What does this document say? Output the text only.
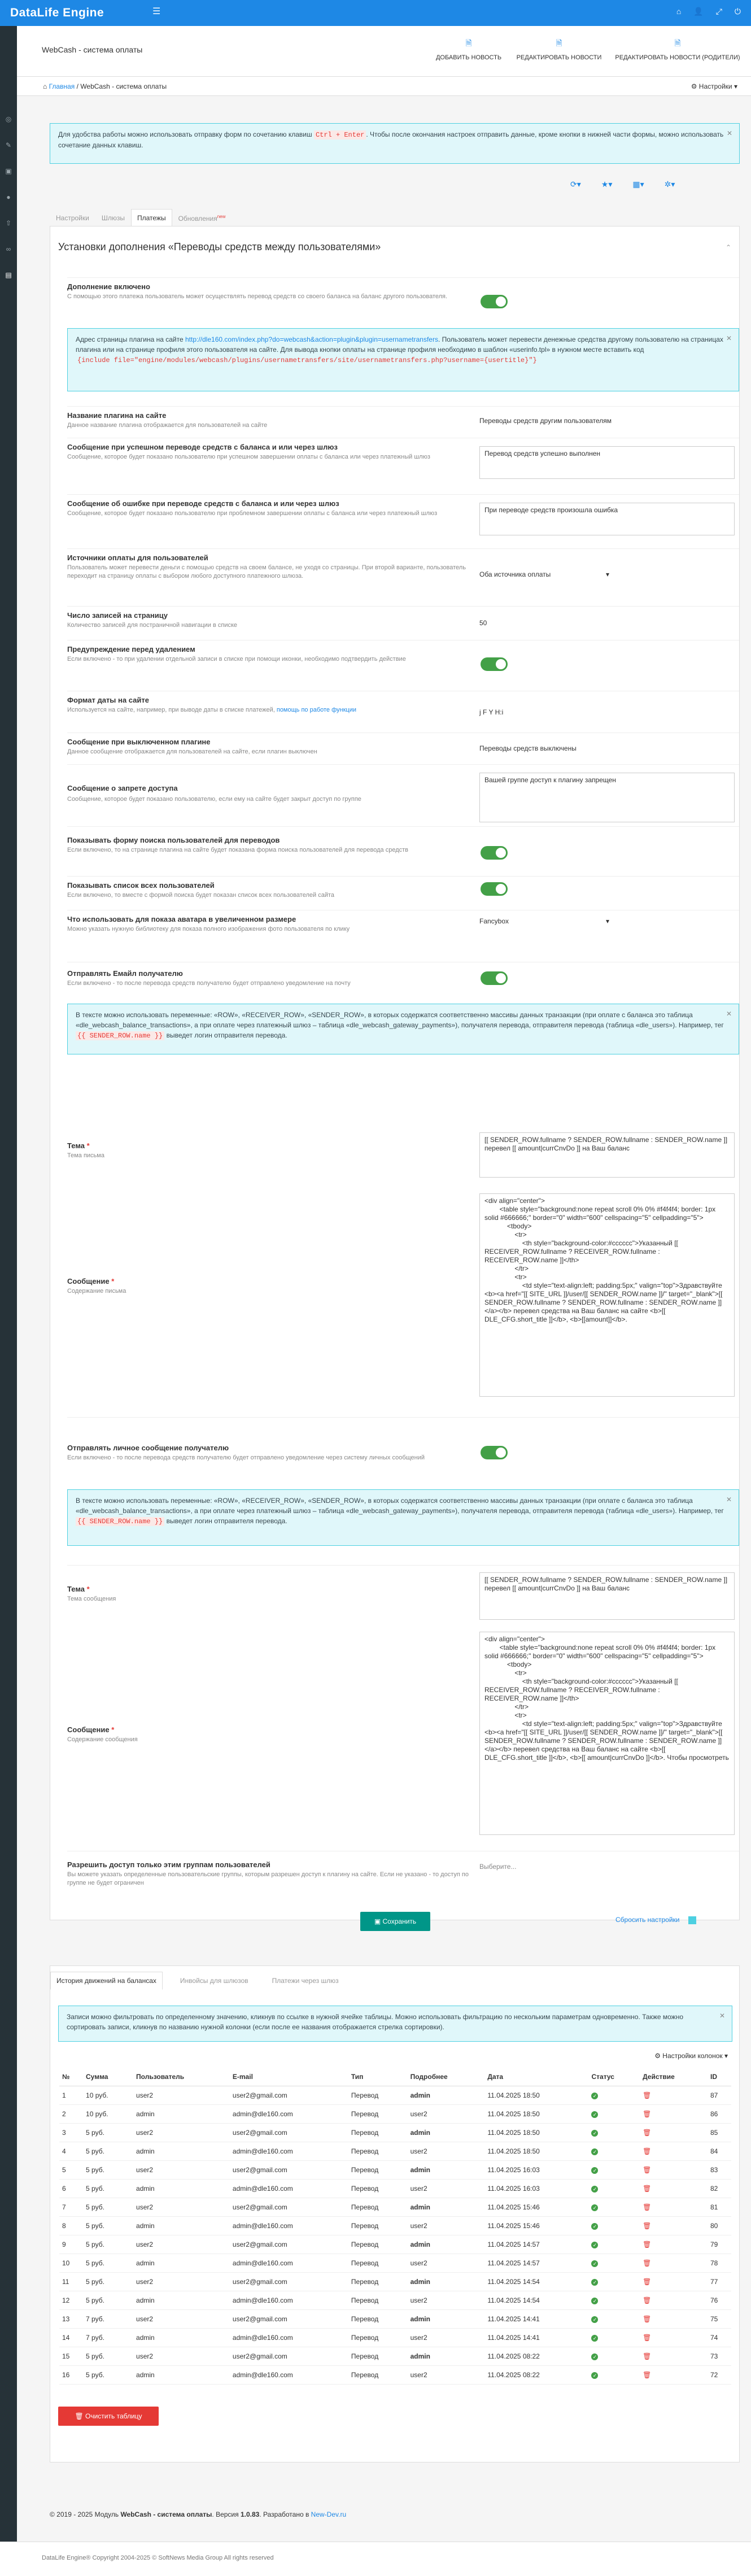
DataLife Engine	☰	⌂ 👤 ⤢ ⏻
◎
✎
▣
●
⇧
∞
▤
WebCash - система оплаты
🗎
ДОБАВИТЬ НОВОСТЬ
🗎
РЕДАКТИРОВАТЬ НОВОСТИ
🗎
РЕДАКТИРОВАТЬ НОВОСТИ (РОДИТЕЛИ)
⌂ Главная / WebCash - система оплаты	⚙ Настройки ▾
Для удобства работы можно использовать отправку форм по сочетанию клавиш Ctrl + Enter . Чтобы после окончания настроек отправить данные, кроме кнопки в нижней части формы, можно использовать сочетание данных клавиш.
✕
⟳▾	★▾	▦▾	✲▾
Настройки	Шлюзы	Платежы	Обновления$^{new}$
Установки дополнения «Переводы средств между пользователями»	⌃
Дополнение включено
С помощью этого платежа пользователь может осуществлять перевод средств со своего баланса на баланс другого пользователя.
Адрес страницы плагина на сайте http://dle160.com/index.php?do=webcash&action=plugin&plugin=usernametransfers. Пользователь может перевести денежные средства другому пользователю на страницах плагина или на странице профиля этого пользователя на сайте. Для вывода кнопки оплаты на странице профиля необходимо в шаблон «userinfo.tpl» в нужном месте вставить код
{include file="engine/modules/webcash/plugins/usernametransfers/site/usernametransfers.php?username={usertitle}"}
✕
Название плагина на сайте
Данное название плагина отображается для пользователей на сайте
Переводы средств другим пользователям
Сообщение при успешном переводе средств с баланса и или через шлюз
Сообщение, которое будет показано пользователю при успешном завершении оплаты с баланса или через платежный шлюз	Перевод средств успешно выполнен
Сообщение об ошибке при переводе средств с баланса и или через шлюз
Сообщение, которое будет показано пользователю при проблемном завершении оплаты с баланса или через платежный шлюз	При переводе средств произошла ошибка
Источники оплаты для пользователей
Пользователь может перевести деньги с помощью средств на своем балансе, не уходя со страницы. При второй варианте, пользователь переходит на страницу оплаты с выбором любого доступного платежного шлюза.	Оба источника оплаты	▾
Число записей на страницу
Количество записей для постраничной навигации в списке	50
Предупреждение перед удалением
Если включено - то при удалении отдельной записи в списке при помощи иконки, необходимо подтвердить действие
Формат даты на сайте
Используется на сайте, например, при выводе даты в списке платежей, помощь по работе функции	j F Y H:i
Сообщение при выключенном плагине
Данное сообщение отображается для пользователей на сайте, если плагин выключен	Переводы средств выключены
Сообщение о запрете доступа
Сообщение, которое будет показано пользователю, если ему на сайте будет закрыт доступ по группе
Вашей группе доступ к плагину запрещен
Показывать форму поиска пользователей для переводов
Если включено, то на странице плагина на сайте будет показана форма поиска пользователей для перевода средств
Показывать список всех пользователей
Если включено, то вместе с формой поиска будет показан список всех пользователей сайта
Что использовать для показа аватара в увеличенном размере
Можно указать нужную библиотеку для показа полного изображения фото пользователя по клику
Fancybox	▾
Отправлять Емайл получателю
Если включено - то после перевода средств получателю будет отправлено уведомление на почту
В тексте можно использовать переменные: «ROW», «RECEIVER_ROW», «SENDER_ROW», в которых содержатся соответственно массивы данных транзакции (при оплате с баланса это таблица «dle_webcash_balance_transactions», а при оплате через платежный шлюз – таблица «dle_webcash_gateway_payments»), получателя перевода, отправителя перевода (таблица «dle_users»). Например, тег {{ SENDER_ROW.name }} выведет логин отправителя перевода.
✕
Тема *
Тема письма
[[ SENDER_ROW.fullname ? SENDER_ROW.fullname : SENDER_ROW.name ]] перевел [[ amount|currCnvDo ]] на Ваш баланс
Сообщение *
Содержание письма
<div align="center">
<table style="background:none repeat scroll 0% 0% #f4f4f4; border: 1px solid #666666;" border="0" width="600" cellspacing="5" cellpadding="5">
<tbody>
<tr>
<th style="background-color:#cccccc">Указанный [[ RECEIVER_ROW.fullname ? RECEIVER_ROW.fullname : RECEIVER_ROW.name ]]</th>
</tr>
<tr>
<td style="text-align:left; padding:5px;" valign="top">Здравствуйте <b><a href="[[ SITE_URL ]]/user/[[ SENDER_ROW.name ]]/" target="_blank">[[ SENDER_ROW.fullname ? SENDER_ROW.fullname : SENDER_ROW.name ]]</a></b> перевел средства на Ваш баланс на сайте <b>[[ DLE_CFG.short_title ]]</b>, <b>[[amount]]</b>.
Отправлять личное сообщение получателю
Если включено - то после перевода средств получателю будет отправлено уведомление через систему личных сообщений
В тексте можно использовать переменные: «ROW», «RECEIVER_ROW», «SENDER_ROW», в которых содержатся соответственно массивы данных транзакции (при оплате с баланса это таблица «dle_webcash_balance_transactions», а при оплате через платежный шлюз – таблица «dle_webcash_gateway_payments»), получателя перевода, отправителя перевода (таблица «dle_users»). Например, тег {{ SENDER_ROW.name }} выведет логин отправителя перевода.
✕
Тема *
Тема сообщения
[[ SENDER_ROW.fullname ? SENDER_ROW.fullname : SENDER_ROW.name ]] перевел [[ amount|currCnvDo ]] на Ваш баланс
Сообщение *
Содержание сообщения
<div align="center">
<table style="background:none repeat scroll 0% 0% #f4f4f4; border: 1px solid #666666;" border="0" width="600" cellspacing="5" cellpadding="5">
<tbody>
<tr>
<th style="background-color:#cccccc">Указанный [[ RECEIVER_ROW.fullname ? RECEIVER_ROW.fullname : RECEIVER_ROW.name ]]</th>
</tr>
<tr>
<td style="text-align:left; padding:5px;" valign="top">Здравствуйте <b><a href="[[ SITE_URL ]]/user/[[ SENDER_ROW.name ]]/" target="_blank">[[ SENDER_ROW.fullname ? SENDER_ROW.fullname : SENDER_ROW.name ]]</a></b> перевел средства на Ваш баланс на сайте <b>[[ DLE_CFG.short_title ]]</b>, <b>[[ amount|currCnvDo ]]</b>. Чтобы просмотреть
Разрешить доступ только этим группам пользователей
Вы можете указать определенные пользовательские группы, которым разрешен доступ к плагину на сайте. Если не указано - то доступ по группе не будет ограничен
Выберите...
▣ Сохранить	Сбросить настройки
История движений на балансах	Инвойсы для шлюзов	Платежи через шлюз
Записи можно фильтровать по определенному значению, кликнув по ссылке в нужной ячейке таблицы. Можно использовать фильтрацию по нескольким параметрам одновременно. Также можно сортировать записи, кликнув по названию нужной колонки (если после ее названия отображается стрелка сортировки).
✕
⚙ Настройки колонок ▾
№	Сумма	Пользователь	E-mail	Тип	Подробнее	Дата	Статус	Действие	ID
1	10 руб.	user2	user2@gmail.com	Перевод	admin	11.04.2025 18:50	✓	🗑	87
2	10 руб.	admin	admin@dle160.com	Перевод	user2	11.04.2025 18:50	✓	🗑	86
3	5 руб.	user2	user2@gmail.com	Перевод	admin	11.04.2025 18:50	✓	🗑	85
4	5 руб.	admin	admin@dle160.com	Перевод	user2	11.04.2025 18:50	✓	🗑	84
5	5 руб.	user2	user2@gmail.com	Перевод	admin	11.04.2025 16:03	✓	🗑	83
6	5 руб.	admin	admin@dle160.com	Перевод	user2	11.04.2025 16:03	✓	🗑	82
7	5 руб.	user2	user2@gmail.com	Перевод	admin	11.04.2025 15:46	✓	🗑	81
8	5 руб.	admin	admin@dle160.com	Перевод	user2	11.04.2025 15:46	✓	🗑	80
9	5 руб.	user2	user2@gmail.com	Перевод	admin	11.04.2025 14:57	✓	🗑	79
10	5 руб.	admin	admin@dle160.com	Перевод	user2	11.04.2025 14:57	✓	🗑	78
11	5 руб.	user2	user2@gmail.com	Перевод	admin	11.04.2025 14:54	✓	🗑	77
12	5 руб.	admin	admin@dle160.com	Перевод	user2	11.04.2025 14:54	✓	🗑	76
13	7 руб.	user2	user2@gmail.com	Перевод	admin	11.04.2025 14:41	✓	🗑	75
14	7 руб.	admin	admin@dle160.com	Перевод	user2	11.04.2025 14:41	✓	🗑	74
15	5 руб.	user2	user2@gmail.com	Перевод	admin	11.04.2025 08:22	✓	🗑	73
16	5 руб.	admin	admin@dle160.com	Перевод	user2	11.04.2025 08:22	✓	🗑	72
🗑 Очистить таблицу
© 2019 - 2025 Модуль WebCash - система оплаты. Версия 1.0.83. Разработано в New-Dev.ru
DataLife Engine® Copyright 2004-2025 © SoftNews Media Group All rights reserved
